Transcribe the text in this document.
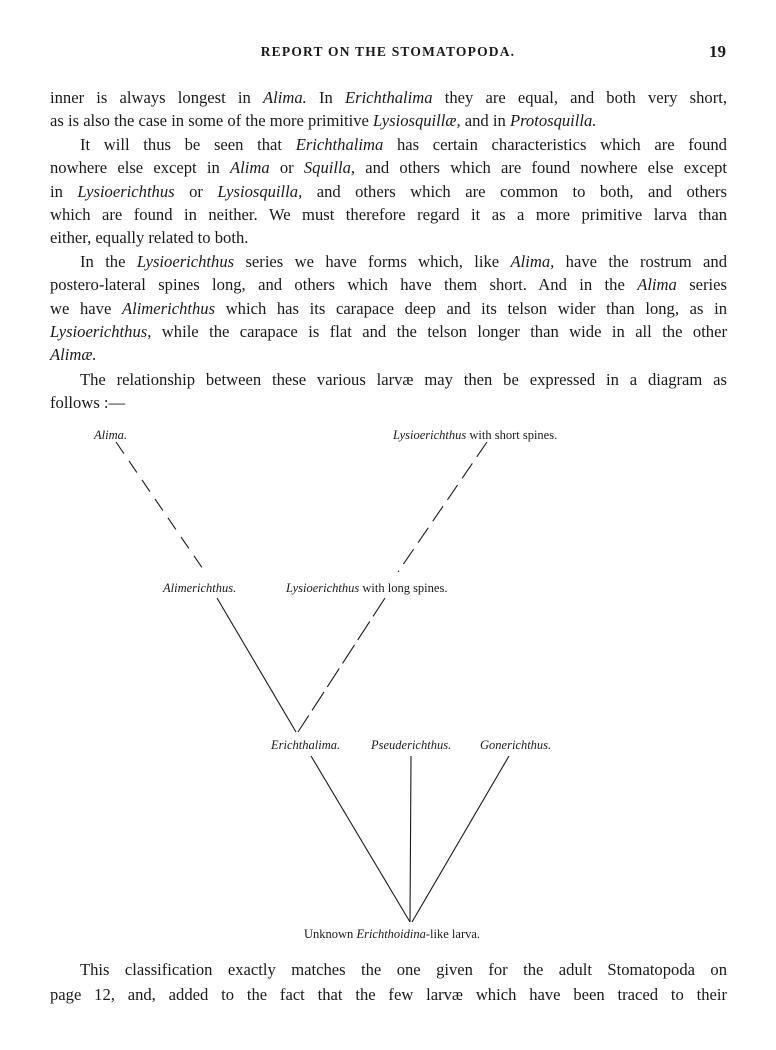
REPORT ON THE STOMATOPODA.	19
inner is always longest in Alima. In Erichthalima they are equal, and both very short,
as is also the case in some of the more primitive Lysiosquillæ, and in Protosquilla.
It will thus be seen that Erichthalima has certain characteristics which are found
nowhere else except in Alima or Squilla, and others which are found nowhere else except
in Lysioerichthus or Lysiosquilla, and others which are common to both, and others
which are found in neither. We must therefore regard it as a more primitive larva than
either, equally related to both.
In the Lysioerichthus series we have forms which, like Alima, have the rostrum and
postero-lateral spines long, and others which have them short. And in the Alima series
we have Alimerichthus which has its carapace deep and its telson wider than long, as in
Lysioerichthus, while the carapace is flat and the telson longer than wide in all the other
Alimæ.
The relationship between these various larvæ may then be expressed in a diagram as
follows :—
Alima.	Lysioerichthus with short spines.
Alimerichthus.	Lysioerichthus with long spines.
Erichthalima. Pseuderichthus. Gonerichthus.
Unknown Erichthoidina-like larva.
This classification exactly matches the one given for the adult Stomatopoda on
page 12, and, added to the fact that the few larvæ which have been traced to their
